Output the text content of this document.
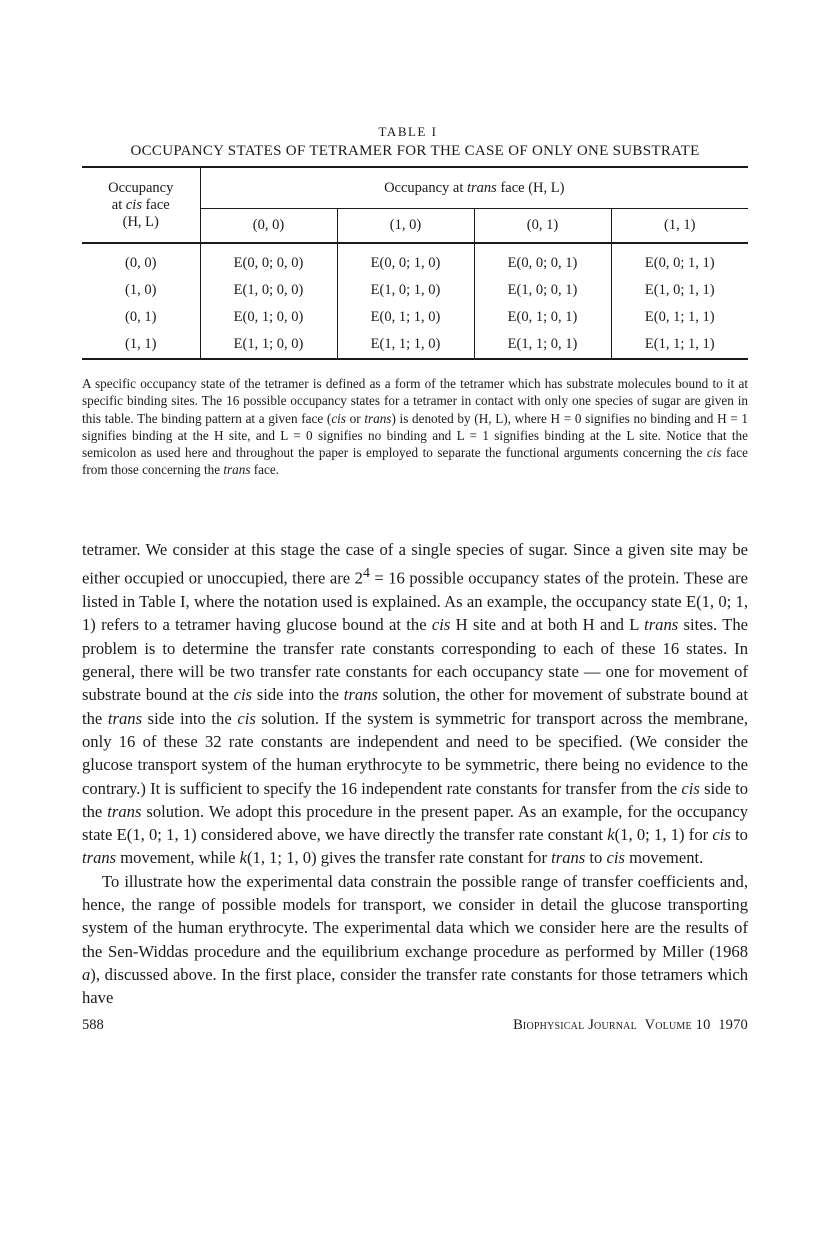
TABLE I
OCCUPANCY STATES OF TETRAMER FOR THE CASE OF ONLY ONE SUBSTRATE
Occupancy
at cis face
(H, L)	Occupancy at trans face (H, L)			
	(0, 0)	(1, 0)	(0, 1)	(1, 1)

(0, 0)	E(0, 0; 0, 0)	E(0, 0; 1, 0)	E(0, 0; 0, 1)	E(0, 0; 1, 1)
(1, 0)	E(1, 0; 0, 0)	E(1, 0; 1, 0)	E(1, 0; 0, 1)	E(1, 0; 1, 1)
(0, 1)	E(0, 1; 0, 0)	E(0, 1; 1, 0)	E(0, 1; 0, 1)	E(0, 1; 1, 1)
(1, 1)	E(1, 1; 0, 0)	E(1, 1; 1, 0)	E(1, 1; 0, 1)	E(1, 1; 1, 1)
A specific occupancy state of the tetramer is defined as a form of the tetramer which has substrate molecules bound to it at specific binding sites. The 16 possible occupancy states for a tetramer in contact with only one species of sugar are given in this table. The binding pattern at a given face (cis or trans) is denoted by (H, L), where H = 0 signifies no binding and H = 1 signifies binding at the H site, and L = 0 signifies no binding and L = 1 signifies binding at the L site. Notice that the semicolon as used here and throughout the paper is employed to separate the functional arguments concerning the cis face from those concerning the trans face.

tetramer. We consider at this stage the case of a single species of sugar. Since a given site may be either occupied or unoccupied, there are $2^4 = 16$ possible occupancy states of the protein. These are listed in Table I, where the notation used is explained. As an example, the occupancy state E(1, 0; 1, 1) refers to a tetramer having glucose bound at the cis H site and at both H and L trans sites. The problem is to determine the transfer rate constants corresponding to each of these 16 states. In general, there will be two transfer rate constants for each occupancy state — one for movement of substrate bound at the cis side into the trans solution, the other for movement of substrate bound at the trans side into the cis solution. If the system is symmetric for transport across the membrane, only 16 of these 32 rate constants are independent and need to be specified. (We consider the glucose transport system of the human erythrocyte to be symmetric, there being no evidence to the contrary.) It is sufficient to specify the 16 independent rate constants for transfer from the cis side to the trans solution. We adopt this procedure in the present paper. As an example, for the occupancy state E(1, 0; 1, 1) considered above, we have directly the transfer rate constant k(1, 0; 1, 1) for cis to trans movement, while k(1, 1; 1, 0) gives the transfer rate constant for trans to cis movement.

To illustrate how the experimental data constrain the possible range of transfer coefficients and, hence, the range of possible models for transport, we consider in detail the glucose transporting system of the human erythrocyte. The experimental data which we consider here are the results of the Sen-Widdas procedure and the equilibrium exchange procedure as performed by Miller (1968 a), discussed above. In the first place, consider the transfer rate constants for those tetramers which have

588	Biophysical Journal Volume 10 1970
